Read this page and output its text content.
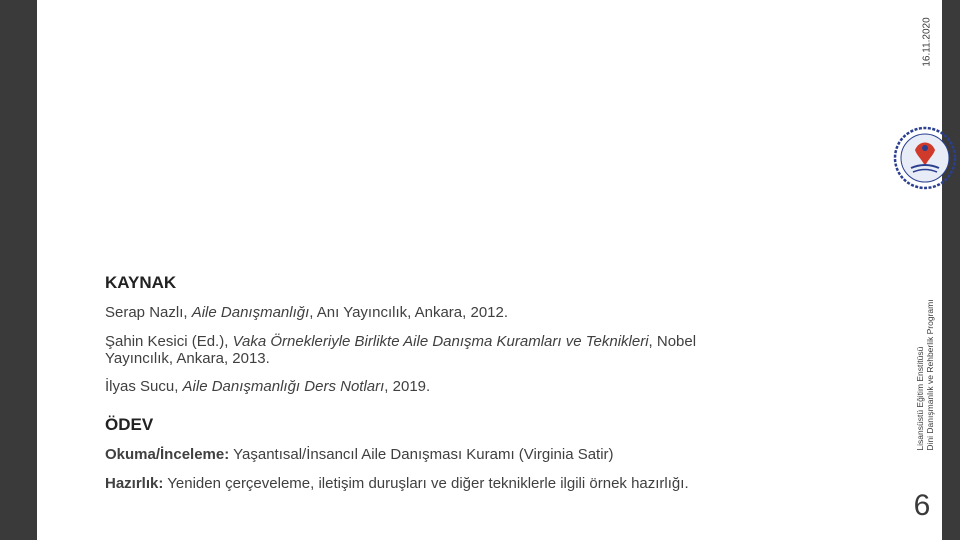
16.11.2020
Lisansüstü Eğitim Enstitüsü Dini Danışmanlık ve Rehberlik Programı
6
KAYNAK
Serap Nazlı, Aile Danışmanlığı, Anı Yayıncılık, Ankara, 2012.
Şahin Kesici (Ed.), Vaka Örnekleriyle Birlikte Aile Danışma Kuramları ve Teknikleri, Nobel
Yayıncılık, Ankara, 2013.
İlyas Sucu, Aile Danışmanlığı Ders Notları, 2019.
ÖDEV
Okuma/İnceleme: Yaşantısal/İnsancıl Aile Danışması Kuramı (Virginia Satir)
Hazırlık: Yeniden çerçeveleme, iletişim duruşları ve diğer tekniklerle ilgili örnek hazırlığı.
